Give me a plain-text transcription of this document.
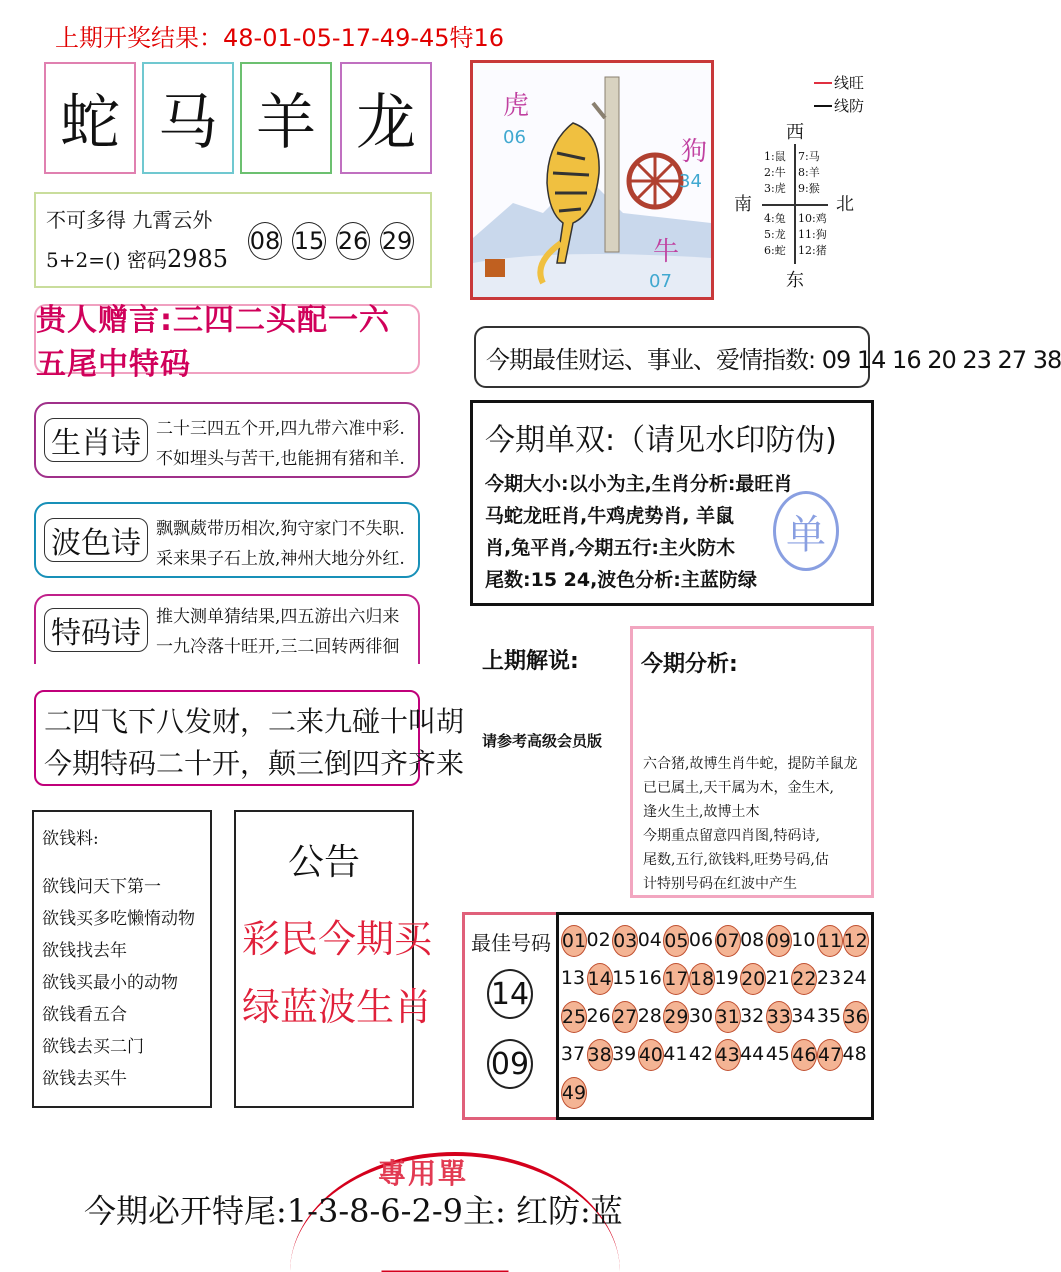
上期开奖结果：48-01-05-17-49-45特16
蛇 马 羊 龙
不可多得 九霄云外
5+2=() 密码2985
08 15 26 29
贵人赠言:三四二头配一六五尾中特码
生肖诗 二十三四五个开,四九带六准中彩.
不如埋头与苦干,也能拥有猪和羊.
波色诗 飘飘葳带历相次,狗守家门不失职.
采来果子石上放,神州大地分外红.
特码诗 推大测单猜结果,四五游出六归来
一九冷落十旺开,三二回转两徘徊
二四飞下八发财，二来九碰十叫胡
今期特码二十开，颠三倒四齐齐来
欲钱料:
欲钱问天下第一
欲钱买多吃懒惰动物
欲钱找去年
欲钱买最小的动物
欲钱看五合
欲钱去买二门
欲钱去买牛
公告
彩民今期买
绿蓝波生肖
虎
06	狗
34
牛
07
线旺
线防
西
南	北
东
1:鼠
2:牛
3:虎
7:马
8:羊
9:猴
4:兔
5:龙
6:蛇
10:鸡
11:狗
12:猪
今期最佳财运、事业、爱情指数: 09 14 16 20 23 27 38
今期单双:（请见水印防伪)
今期大小:以小为主,生肖分析:最旺肖
马蛇龙旺肖,牛鸡虎势肖, 羊鼠
肖,兔平肖,今期五行:主火防木
尾数:15 24,波色分析:主蓝防绿
单
上期解说:
请参考高级会员版
今期分析:
六合猪,故博生肖牛蛇，提防羊鼠龙
已已属土,天干属为木，金生木,
逢火生土,故博土木
今期重点留意四肖图,特码诗,
尾数,五行,欲钱料,旺势号码,估
计特别号码在红波中产生
最佳号码
14
09
01 02 03 04 05 06 07 08 09 10 11 12
13 14 15 16 17 18 19 20 21 22 23 24
25 26 27 28 29 30 31 32 33 34 35 36
37 38 39 40 41 42 43 44 45 46 47 48
49
專用單
今期必开特尾:1-3-8-6-2-9主: 红防:蓝
